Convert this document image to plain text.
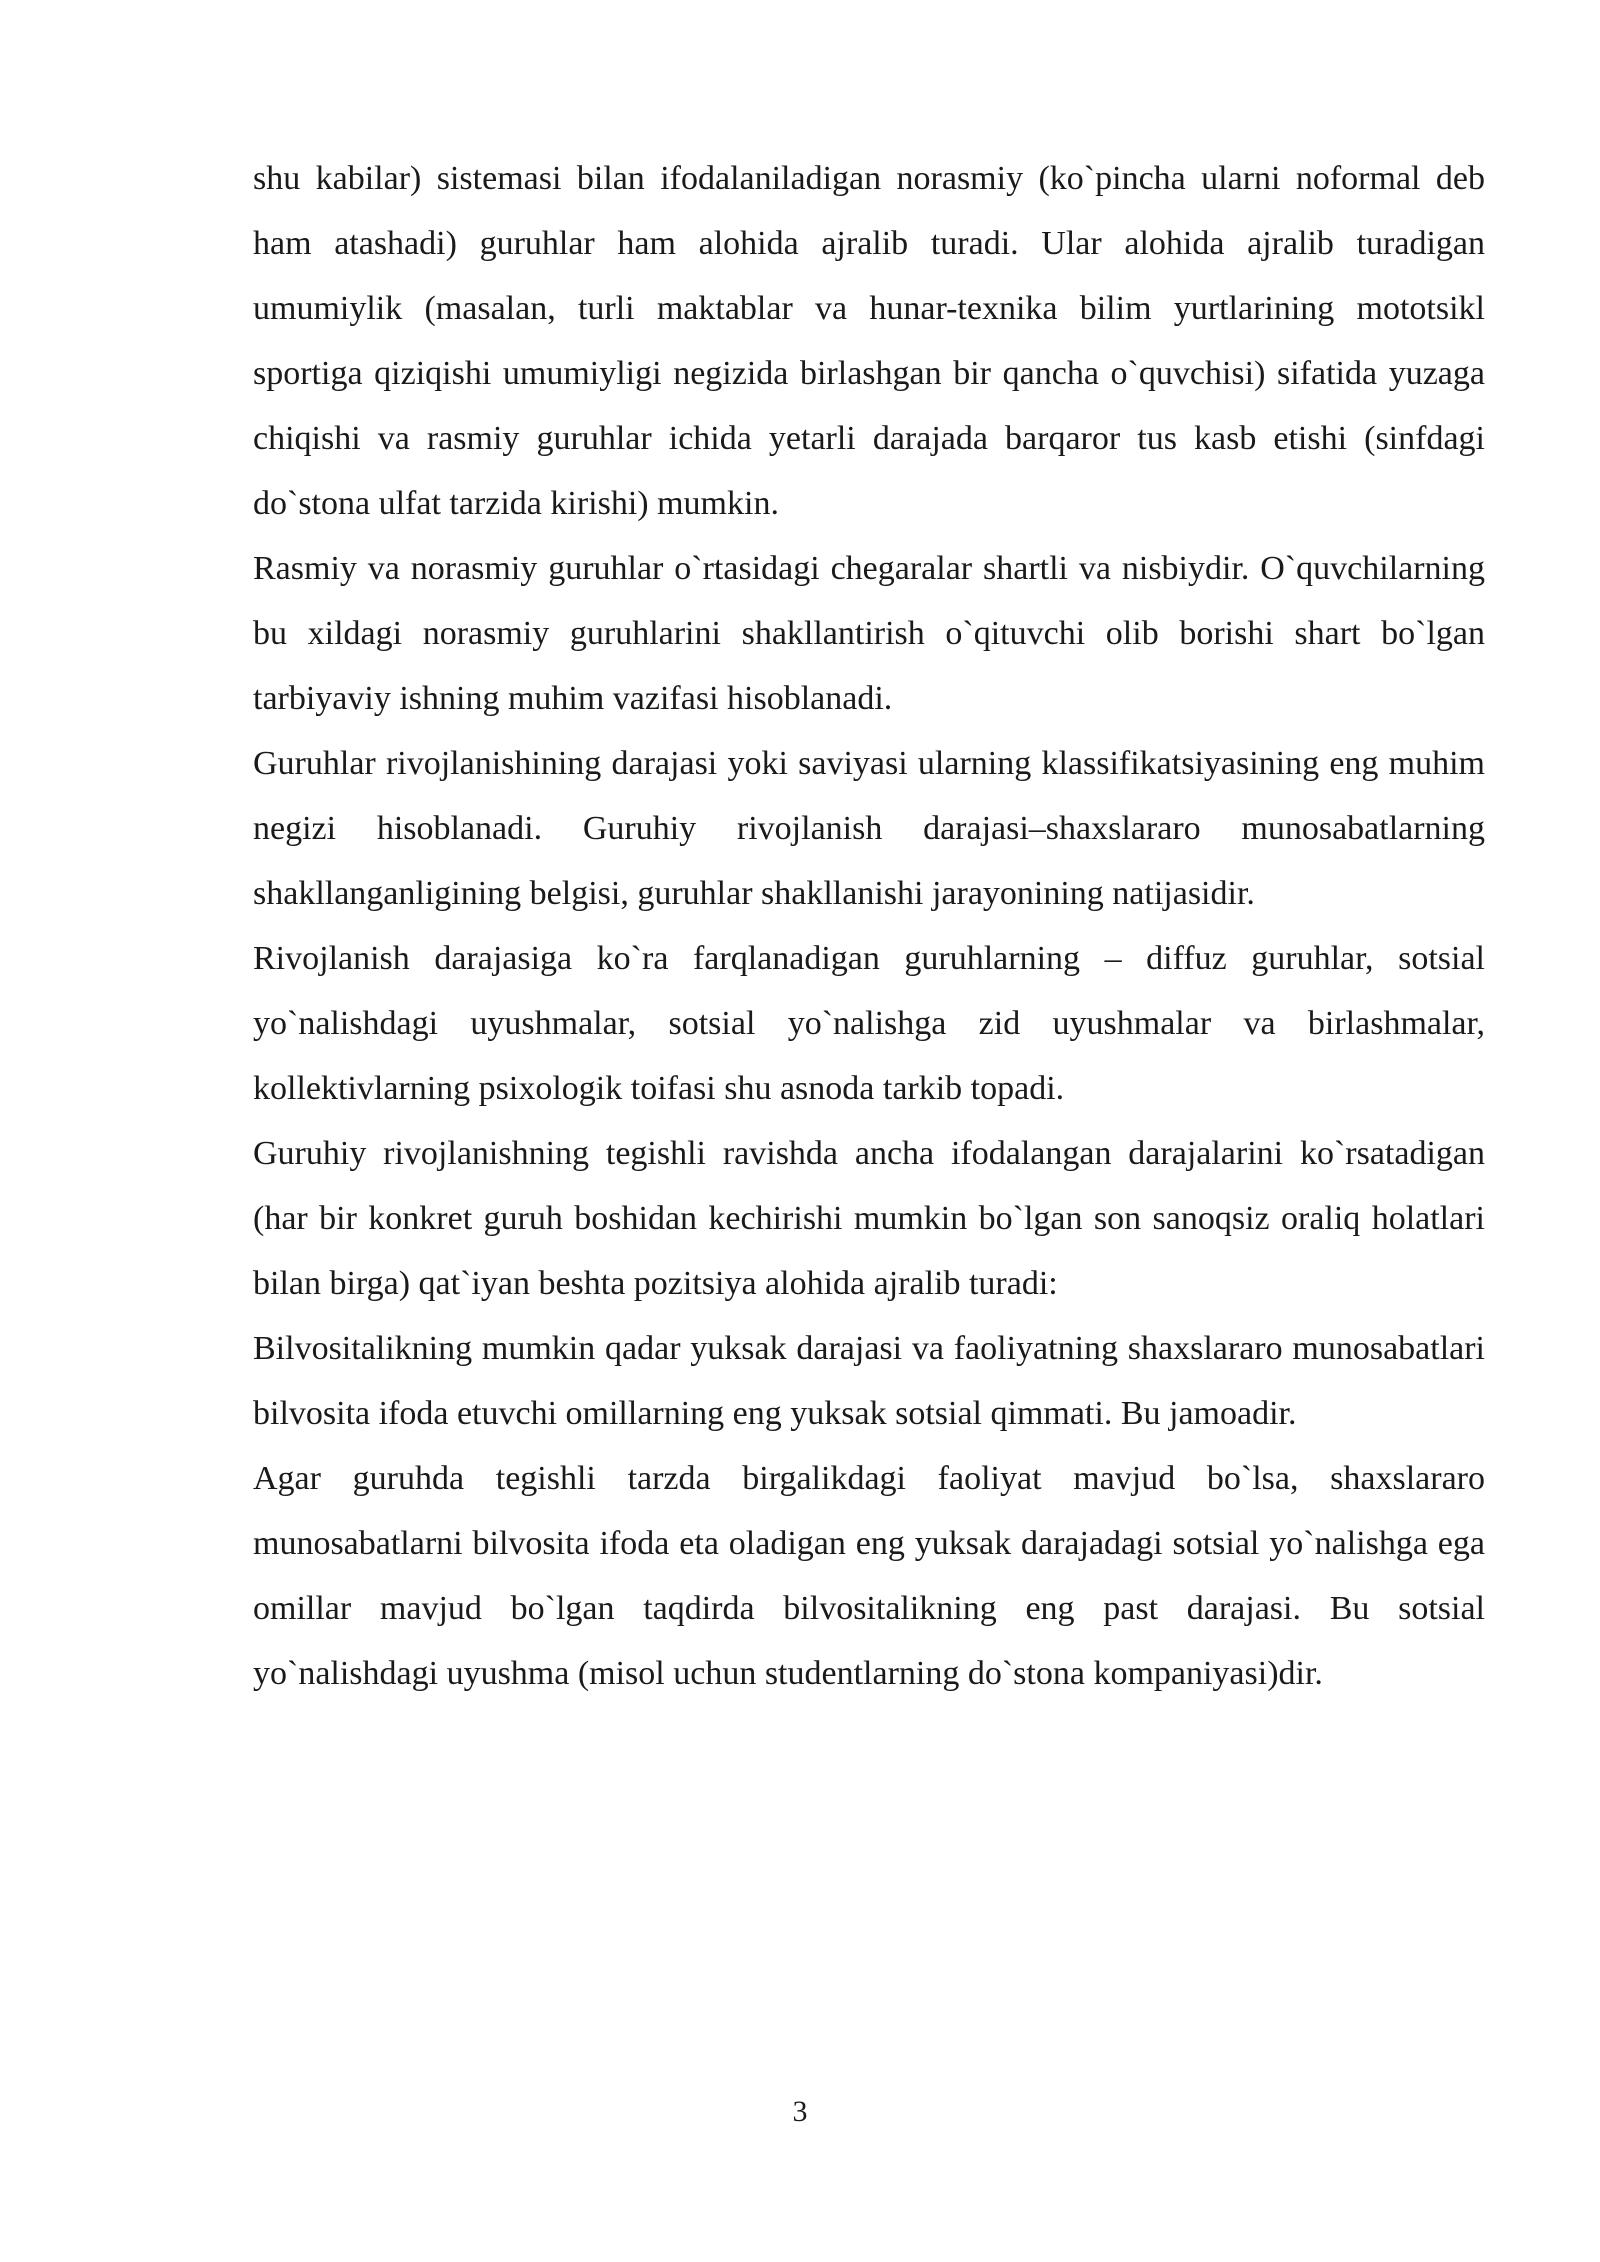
shu kabilar) sistemasi bilan ifodalaniladigan norasmiy (ko`pincha ularni noformal deb ham atashadi) guruhlar ham alohida ajralib turadi. Ular alohida ajralib turadigan umumiylik (masalan, turli maktablar va hunar-texnika bilim yurtlarining mototsikl sportiga qiziqishi umumiyligi negizida birlashgan bir qancha o`quvchisi) sifatida yuzaga chiqishi va rasmiy guruhlar ichida yetarli darajada barqaror tus kasb etishi (sinfdagi do`stona ulfat tarzida kirishi) mumkin.

Rasmiy va norasmiy guruhlar o`rtasidagi chegaralar shartli va nisbiydir. O`quvchilarning bu xildagi norasmiy guruhlarini shakllantirish o`qituvchi olib borishi shart bo`lgan tarbiyaviy ishning muhim vazifasi hisoblanadi.

Guruhlar rivojlanishining darajasi yoki saviyasi ularning klassifikatsiyasining eng muhim negizi hisoblanadi. Guruhiy rivojlanish darajasi–shaxslararo munosabatlarning shakllanganligining belgisi, guruhlar shakllanishi jarayonining natijasidir.

Rivojlanish darajasiga ko`ra farqlanadigan guruhlarning – diffuz guruhlar, sotsial yo`nalishdagi uyushmalar, sotsial yo`nalishga zid uyushmalar va birlashmalar, kollektivlarning psixologik toifasi shu asnoda tarkib topadi.

Guruhiy rivojlanishning tegishli ravishda ancha ifodalangan darajalarini ko`rsatadigan (har bir konkret guruh boshidan kechirishi mumkin bo`lgan son sanoqsiz oraliq holatlari bilan birga) qat`iyan beshta pozitsiya alohida ajralib turadi:

Bilvositalikning mumkin qadar yuksak darajasi va faoliyatning shaxslararo munosabatlari bilvosita ifoda etuvchi omillarning eng yuksak sotsial qimmati. Bu jamoadir.

Agar guruhda tegishli tarzda birgalikdagi faoliyat mavjud bo`lsa, shaxslararo munosabatlarni bilvosita ifoda eta oladigan eng yuksak darajadagi sotsial yo`nalishga ega omillar mavjud bo`lgan taqdirda bilvositalikning eng past darajasi. Bu sotsial yo`nalishdagi uyushma (misol uchun studentlarning do`stona kompaniyasi)dir.

3
